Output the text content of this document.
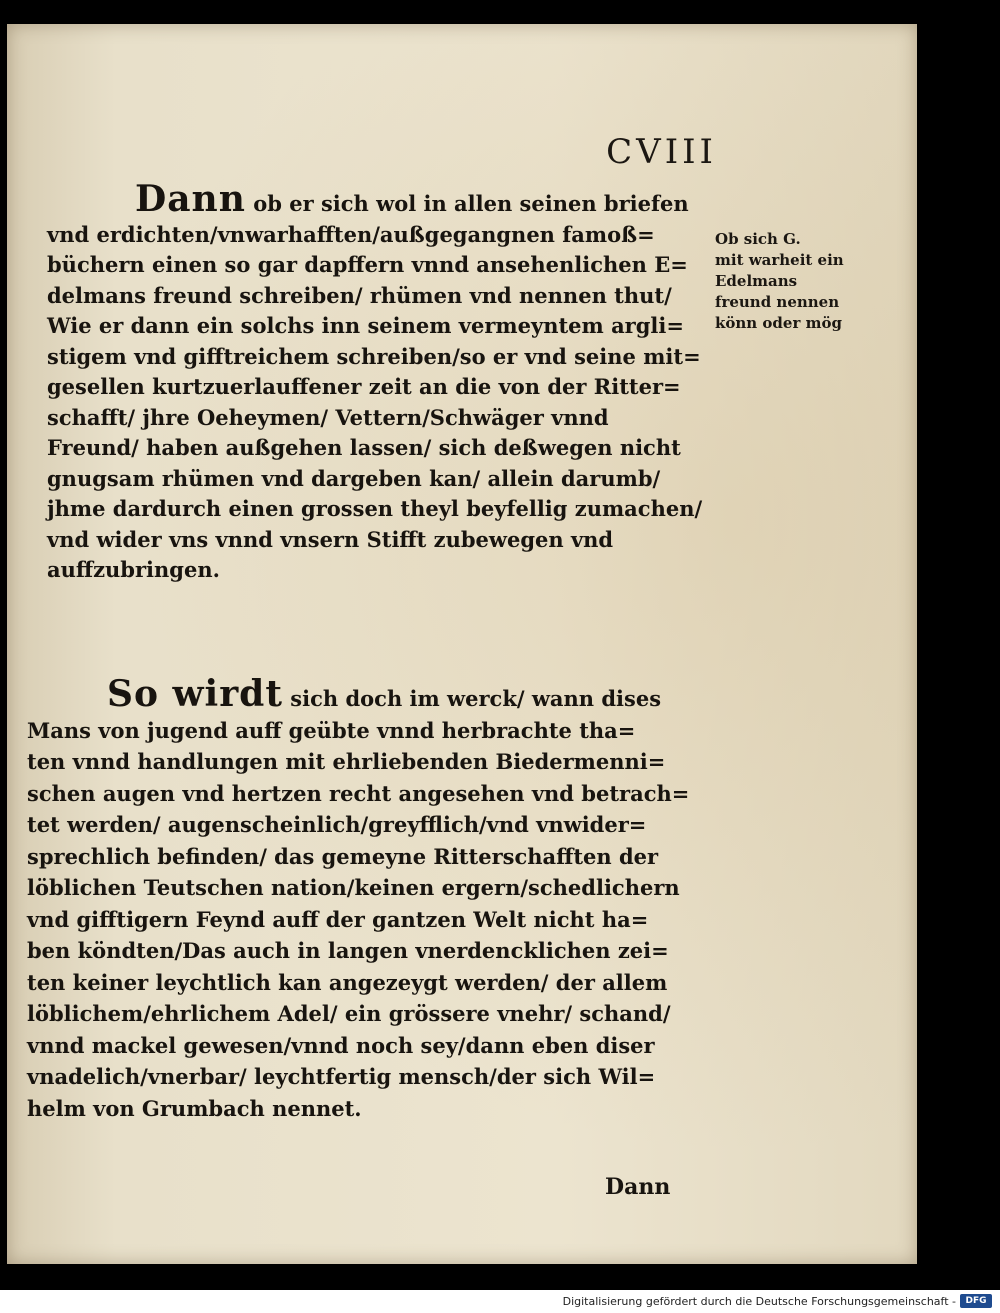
CVIII
Ob sich G.
mit warheit ein
Edelmans
freund nennen
könn oder mög
Dann ob er sich wol in allen seinen briefen
vnd erdichten/vnwarhafften/außgegangnen famoß=
büchern einen so gar dapffern vnnd ansehenlichen E=
delmans freund schreiben/ rhümen vnd nennen thut/
Wie er dann ein solchs inn seinem vermeyntem argli=
stigem vnd gifftreichem schreiben/so er vnd seine mit=
gesellen kurtzuerlauffener zeit an die von der Ritter=
schafft/ jhre Oeheymen/ Vettern/Schwäger vnnd
Freund/ haben außgehen lassen/ sich deßwegen nicht
gnugsam rhümen vnd dargeben kan/ allein darumb/
jhme dardurch einen grossen theyl beyfellig zumachen/
vnd wider vns vnnd vnsern Stifft zubewegen vnd
auffzubringen.
So wirdt sich doch im werck/ wann dises
Mans von jugend auff geübte vnnd herbrachte tha=
ten vnnd handlungen mit ehrliebenden Biedermenni=
schen augen vnd hertzen recht angesehen vnd betrach=
tet werden/ augenscheinlich/greyfflich/vnd vnwider=
sprechlich befinden/ das gemeyne Ritterschafften der
löblichen Teutschen nation/keinen ergern/schedlichern
vnd gifftigern Feynd auff der gantzen Welt nicht ha=
ben köndten/Das auch in langen vnerdencklichen zei=
ten keiner leychtlich kan angezeygt werden/ der allem
löblichem/ehrlichem Adel/ ein grössere vnehr/ schand/
vnnd mackel gewesen/vnnd noch sey/dann eben diser
vnadelich/vnerbar/ leychtfertig mensch/der sich Wil=
helm von Grumbach nennet.
Dann
Digitalisierung gefördert durch die Deutsche Forschungsgemeinschaft -	DFG
